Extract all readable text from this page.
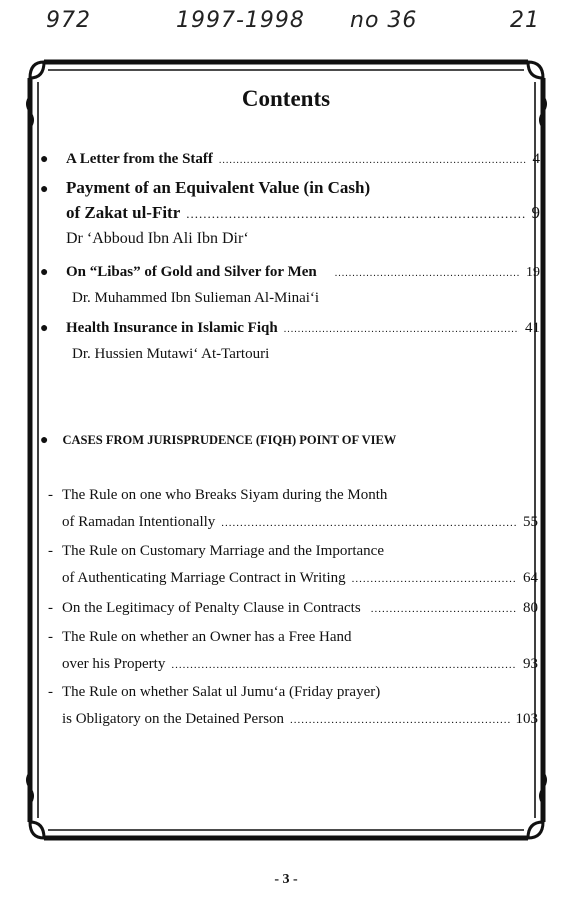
972	1997-1998 no 36	21
Contents
●	A Letter from the Staff .....	4
●	Payment of an Equivalent Value (in Cash)
of Zakat ul-Fitr .....	9
Dr ‘Abboud Ibn Ali Ibn Dir‘
●	On “Libas” of Gold and Silver for Men .....	19
Dr. Muhammed Ibn Sulieman Al-Minai‘i
●	Health Insurance in Islamic Fiqh .....	41
Dr. Hussien Mutawi‘ At-Tartouri
● CASES FROM JURISPRUDENCE (FIQH) POINT OF VIEW
- The Rule on one who Breaks Siyam during the Month
of Ramadan Intentionally .....	55
- The Rule on Customary Marriage and the Importance
of Authenticating Marriage Contract in Writing .....	64
- On the Legitimacy of Penalty Clause in Contracts .....	80
- The Rule on whether an Owner has a Free Hand
over his Property .....	93
- The Rule on whether Salat ul Jumu‘a (Friday prayer)
is Obligatory on the Detained Person .....	103
- 3 -
